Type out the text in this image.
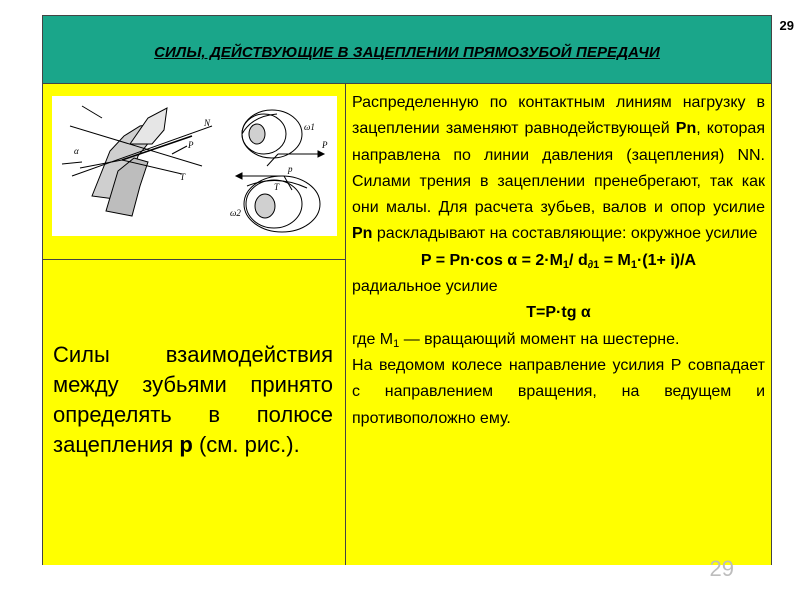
29
СИЛЫ, ДЕЙСТВУЮЩИЕ В ЗАЦЕПЛЕНИИ ПРЯМОЗУБОЙ ПЕРЕДАЧИ
N
P
T
α
P
T
ω1
ω2
p
Силы взаимодействия между зубьями принято определять в полюсе зацепления р (см. рис.).

Распределенную по контактным линиям нагрузку в зацеплении заменяют равнодействующей Рn, которая направлена по линии давления (зацепления) NN. Силами трения в зацеплении пренебрегают, так как они малы. Для расчета зубьев, валов и опор усилие Рn раскладывают на составляющие: окружное усилие

P = Pn·cos $\alpha = 2\cdot M_1/$ $d_{\partial 1} = M_1\cdot(1+ i)/A$

радиальное усилие

T=P·tg α

где $М_1$ — вращающий момент на шестерне.

На ведомом колесе направление усилия Р совпадает с направлением вращения, на ведущем и противоположно ему.

29
